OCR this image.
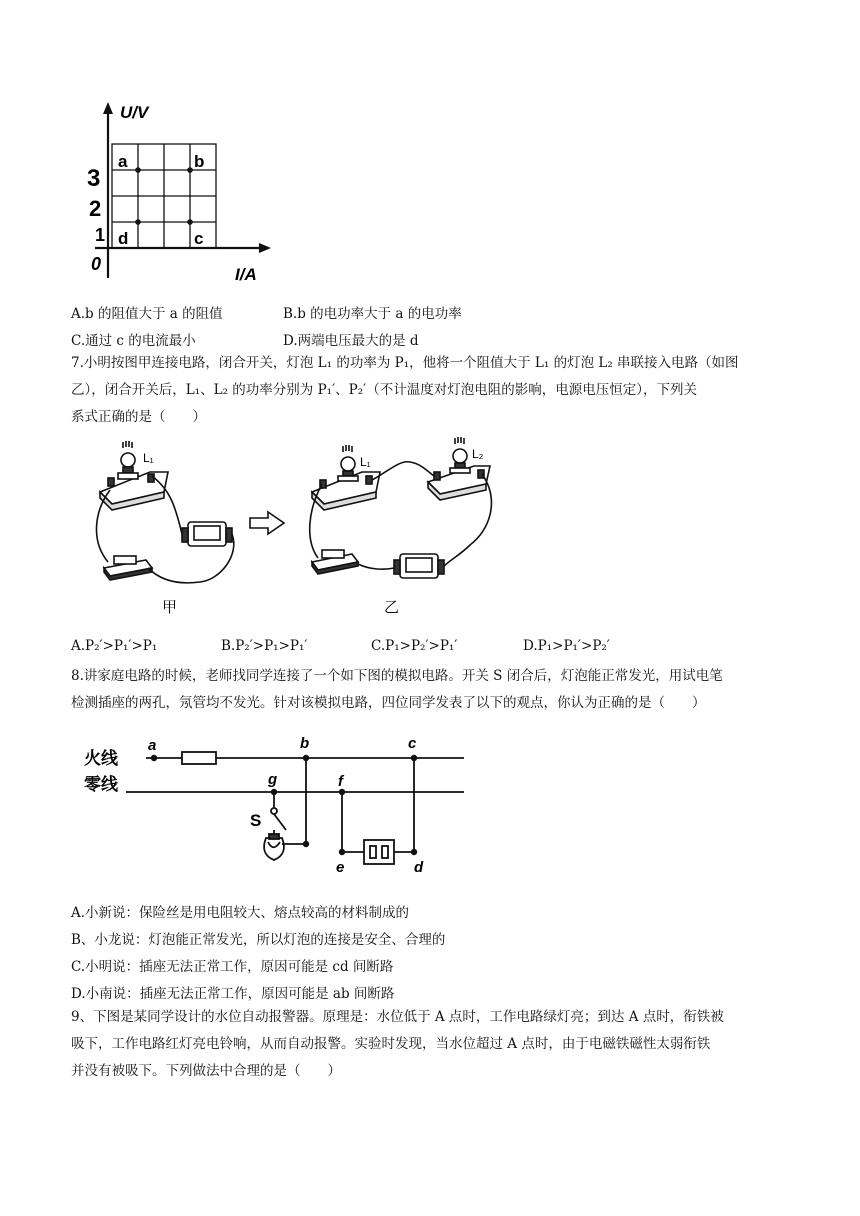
a	b
d	c
U/V
I/A
0
3
2
1
A.b 的阻值大于 a 的阻值	B.b 的电功率大于 a 的电功率
C.通过 c 的电流最小	D.两端电压最大的是 d
7.小明按图甲连接电路，闭合开关，灯泡 L₁ 的功率为 P₁，他将一个阻值大于 L₁ 的灯泡 L₂ 串联接入电路（如图
乙），闭合开关后，L₁、L₂ 的功率分别为 P₁′、P₂′（不计温度对灯泡电阻的影响，电源电压恒定），下列关
系式正确的是（　　）
L₁	L₁
L₂
甲	乙
A.P₂′>P₁′>P₁	B.P₂′>P₁>P₁′	C.P₁>P₂′>P₁′	D.P₁>P₁′>P₂′
8.讲家庭电路的时候，老师找同学连接了一个如下图的模拟电路。开关 S 闭合后，灯泡能正常发光，用试电笔
检测插座的两孔，氖管均不发光。针对该模拟电路，四位同学发表了以下的观点，你认为正确的是（　　）
火线
零线
a	b	c
g	f
e	d
S
A.小新说：保险丝是用电阻较大、熔点较高的材料制成的
B、小龙说：灯泡能正常发光，所以灯泡的连接是安全、合理的
C.小明说：插座无法正常工作，原因可能是 cd 间断路
D.小南说：插座无法正常工作，原因可能是 ab 间断路
9、下图是某同学设计的水位自动报警器。原理是：水位低于 A 点时，工作电路绿灯亮；到达 A 点时，衔铁被
吸下，工作电路红灯亮电铃响，从而自动报警。实验时发现，当水位超过 A 点时，由于电磁铁磁性太弱衔铁
并没有被吸下。下列做法中合理的是（　　）
